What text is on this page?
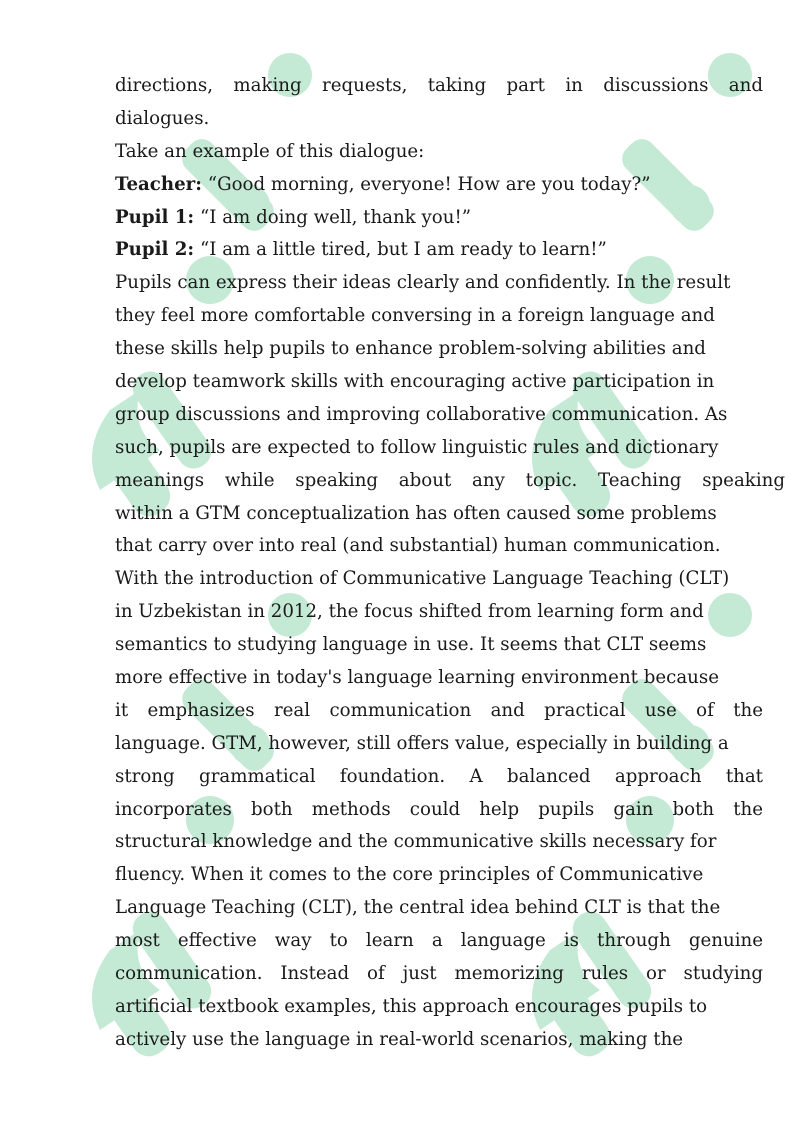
directions, making requests, taking part in discussions and
dialogues.
Take an example of this dialogue:
Teacher: “Good morning, everyone! How are you today?”
Pupil 1: “I am doing well, thank you!”
Pupil 2: “I am a little tired, but I am ready to learn!”
Pupils can express their ideas clearly and confidently. In the result
they feel more comfortable conversing in a foreign language and
these skills help pupils to enhance problem-solving abilities and
develop teamwork skills with encouraging active participation in
group discussions and improving collaborative communication. As
such, pupils are expected to follow linguistic rules and dictionary
meanings while speaking about any topic. Teaching speaking
within a GTM conceptualization has often caused some problems
that carry over into real (and substantial) human communication.
With the introduction of Communicative Language Teaching (CLT)
in Uzbekistan in 2012, the focus shifted from learning form and
semantics to studying language in use. It seems that CLT seems
more effective in today's language learning environment because
it emphasizes real communication and practical use of the
language. GTM, however, still offers value, especially in building a
strong grammatical foundation. A balanced approach that
incorporates both methods could help pupils gain both the
structural knowledge and the communicative skills necessary for
fluency. When it comes to the core principles of Communicative
Language Teaching (CLT), the central idea behind CLT is that the
most effective way to learn a language is through genuine
communication. Instead of just memorizing rules or studying
artificial textbook examples, this approach encourages pupils to
actively use the language in real-world scenarios, making the
